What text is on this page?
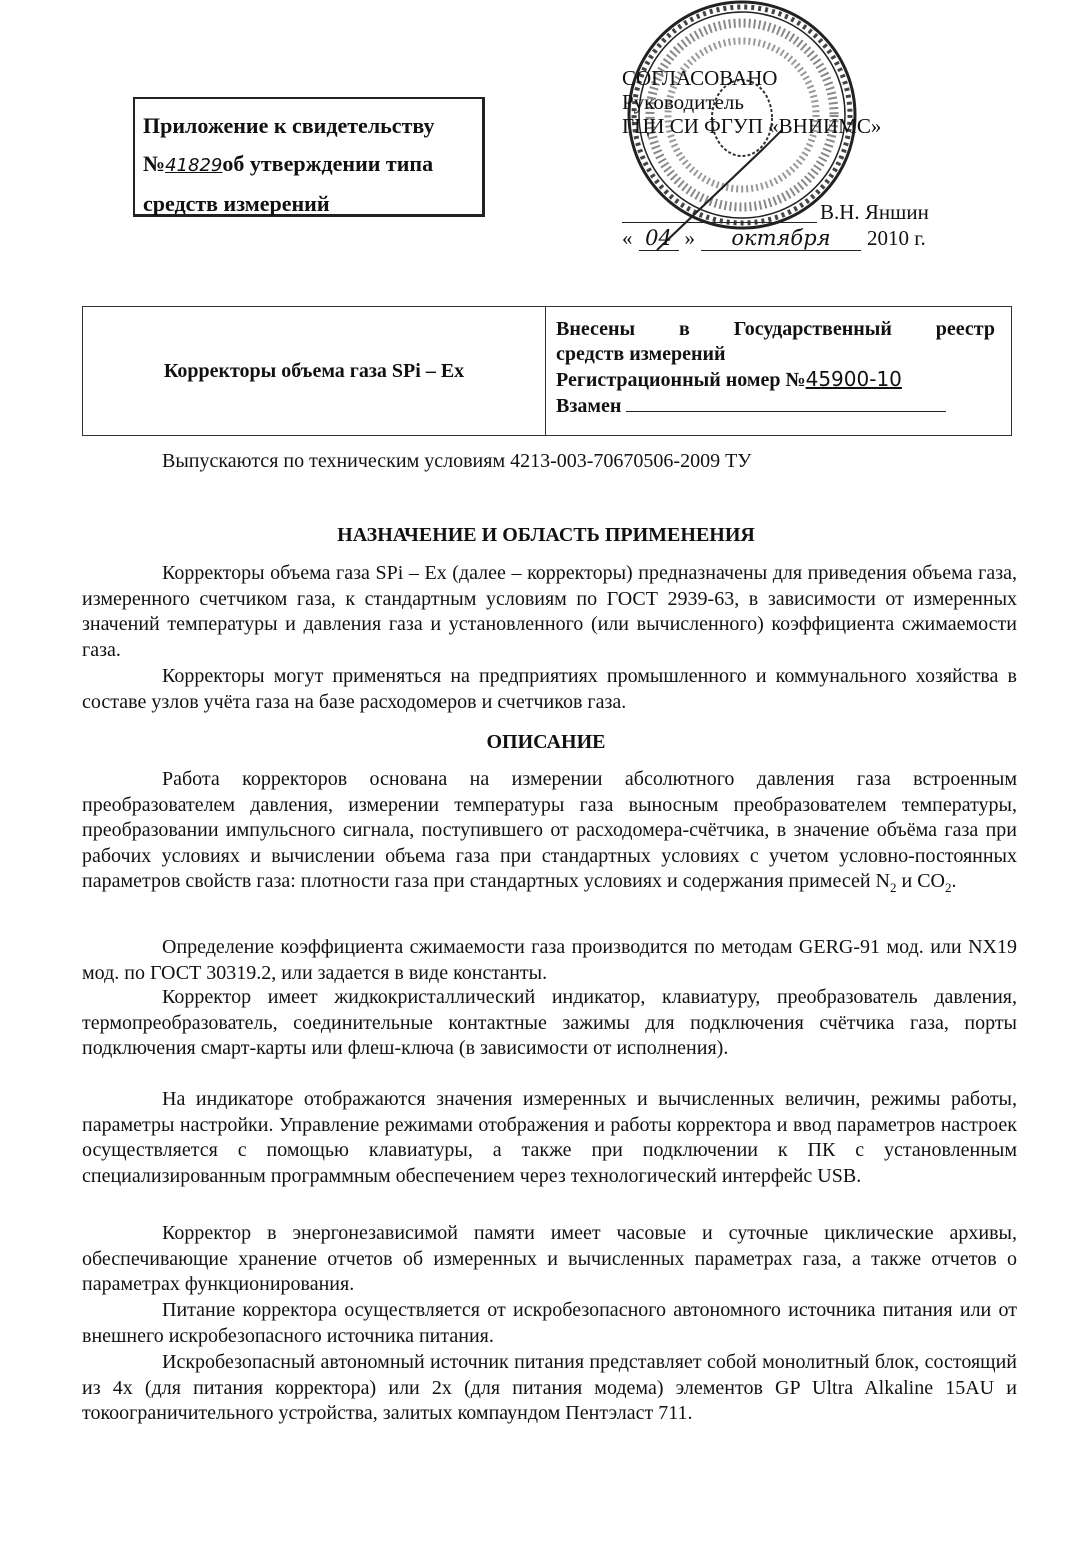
Приложение к свидетельству
№41829об утверждении типа
средств измерений
СОГЛАСОВАНО
Руководитель
ГЦИ СИ ФГУП «ВНИИМС»
В.Н. Яншин
« 04 »	октября	2010 г.
Корректоры объема газа SPi – Ex
Внесены в Государственный реестр
средств измерений
Регистрационный номер №45900-10
Взамен
Выпускаются по техническим условиям 4213-003-70670506-2009 ТУ
НАЗНАЧЕНИЕ И ОБЛАСТЬ ПРИМЕНЕНИЯ
Корректоры объема газа SPi – Ex (далее – корректоры) предназначены для приведения объема газа, измеренного счетчиком газа, к стандартным условиям по ГОСТ 2939-63, в зависимости от измеренных значений температуры и давления газа и установленного (или вычисленного) коэффициента сжимаемости газа.
Корректоры могут применяться на предприятиях промышленного и коммунального хозяйства в составе узлов учёта газа на базе расходомеров и счетчиков газа.
ОПИСАНИЕ
Работа корректоров основана на измерении абсолютного давления газа встроенным преобразователем давления, измерении температуры газа выносным преобразователем температуры, преобразовании импульсного сигнала, поступившего от расходомера-счётчика, в значение объёма газа при рабочих условиях и вычислении объема газа при стандартных условиях с учетом условно-постоянных параметров свойств газа: плотности газа при стандартных условиях и содержания примесей $N_2$ и $CO_2$.
Определение коэффициента сжимаемости газа производится по методам GERG-91 мод. или NX19 мод. по ГОСТ 30319.2, или задается в виде константы.
Корректор имеет жидкокристаллический индикатор, клавиатуру, преобразователь давления, термопреобразователь, соединительные контактные зажимы для подключения счётчика газа, порты подключения смарт-карты или флеш-ключа (в зависимости от исполнения).
На индикаторе отображаются значения измеренных и вычисленных величин, режимы работы, параметры настройки. Управление режимами отображения и работы корректора и ввод параметров настроек осуществляется с помощью клавиатуры, а также при подключении к ПК с установленным специализированным программным обеспечением через технологический интерфейс USB.
Корректор в энергонезависимой памяти имеет часовые и суточные циклические архивы, обеспечивающие хранение отчетов об измеренных и вычисленных параметрах газа, а также отчетов о параметрах функционирования.
Питание корректора осуществляется от искробезопасного автономного источника питания или от внешнего искробезопасного источника питания.
Искробезопасный автономный источник питания представляет собой монолитный блок, состоящий из 4х (для питания корректора) или 2х (для питания модема) элементов GP Ultra Alkaline 15AU и токоограничительного устройства, залитых компаундом Пентэласт 711.
